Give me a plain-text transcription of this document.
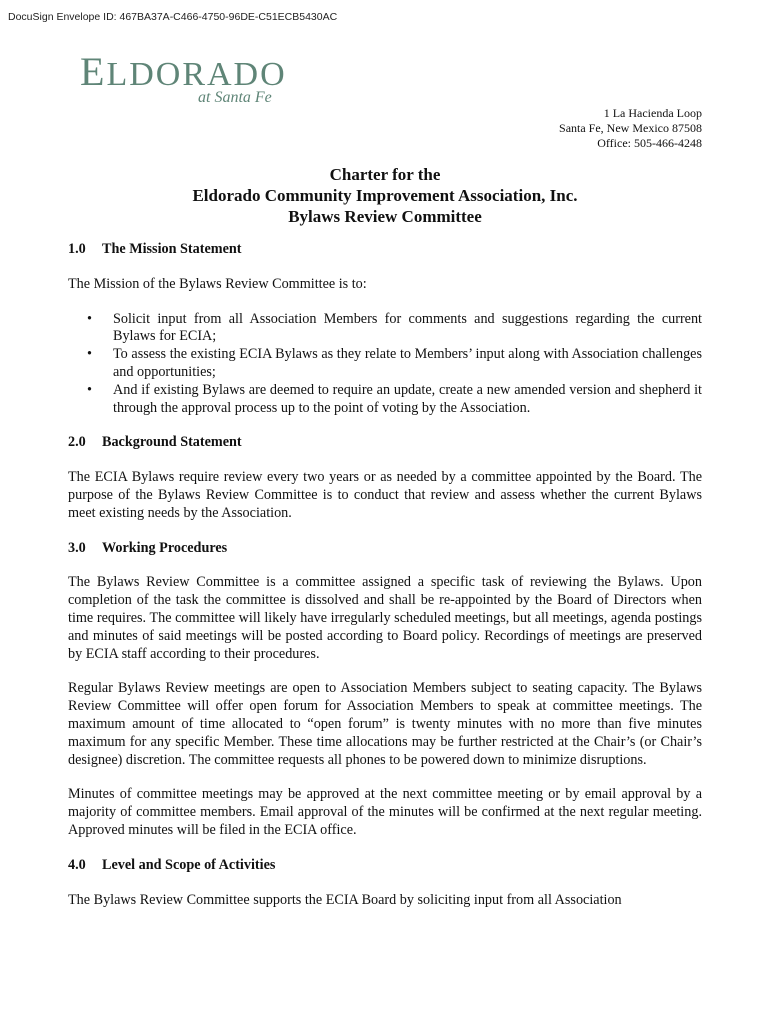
DocuSign Envelope ID: 467BA37A-C466-4750-96DE-C51ECB5430AC
ELDORADO
at Santa Fe
1 La Hacienda Loop
Santa Fe, New Mexico 87508
Office: 505-466-4248
Charter for the
Eldorado Community Improvement Association, Inc.
Bylaws Review Committee
1.0 The Mission Statement

The Mission of the Bylaws Review Committee is to:

• Solicit input from all Association Members for comments and suggestions regarding the current Bylaws for ECIA;
• To assess the existing ECIA Bylaws as they relate to Members’ input along with Association challenges and opportunities;
• And if existing Bylaws are deemed to require an update, create a new amended version and shepherd it through the approval process up to the point of voting by the Association.
2.0 Background Statement

The ECIA Bylaws require review every two years or as needed by a committee appointed by the Board. The purpose of the Bylaws Review Committee is to conduct that review and assess whether the current Bylaws meet existing needs by the Association.

3.0 Working Procedures

The Bylaws Review Committee is a committee assigned a specific task of reviewing the Bylaws. Upon completion of the task the committee is dissolved and shall be re-appointed by the Board of Directors when time requires. The committee will likely have irregularly scheduled meetings, but all meetings, agenda postings and minutes of said meetings will be posted according to Board policy. Recordings of meetings are preserved by ECIA staff according to their procedures.

Regular Bylaws Review meetings are open to Association Members subject to seating capacity. The Bylaws Review Committee will offer open forum for Association Members to speak at committee meetings. The maximum amount of time allocated to “open forum” is twenty minutes with no more than five minutes maximum for any specific Member. These time allocations may be further restricted at the Chair’s (or Chair’s designee) discretion. The committee requests all phones to be powered down to minimize disruptions.

Minutes of committee meetings may be approved at the next committee meeting or by email approval by a majority of committee members. Email approval of the minutes will be confirmed at the next regular meeting. Approved minutes will be filed in the ECIA office.

4.0 Level and Scope of Activities

The Bylaws Review Committee supports the ECIA Board by soliciting input from all Association
